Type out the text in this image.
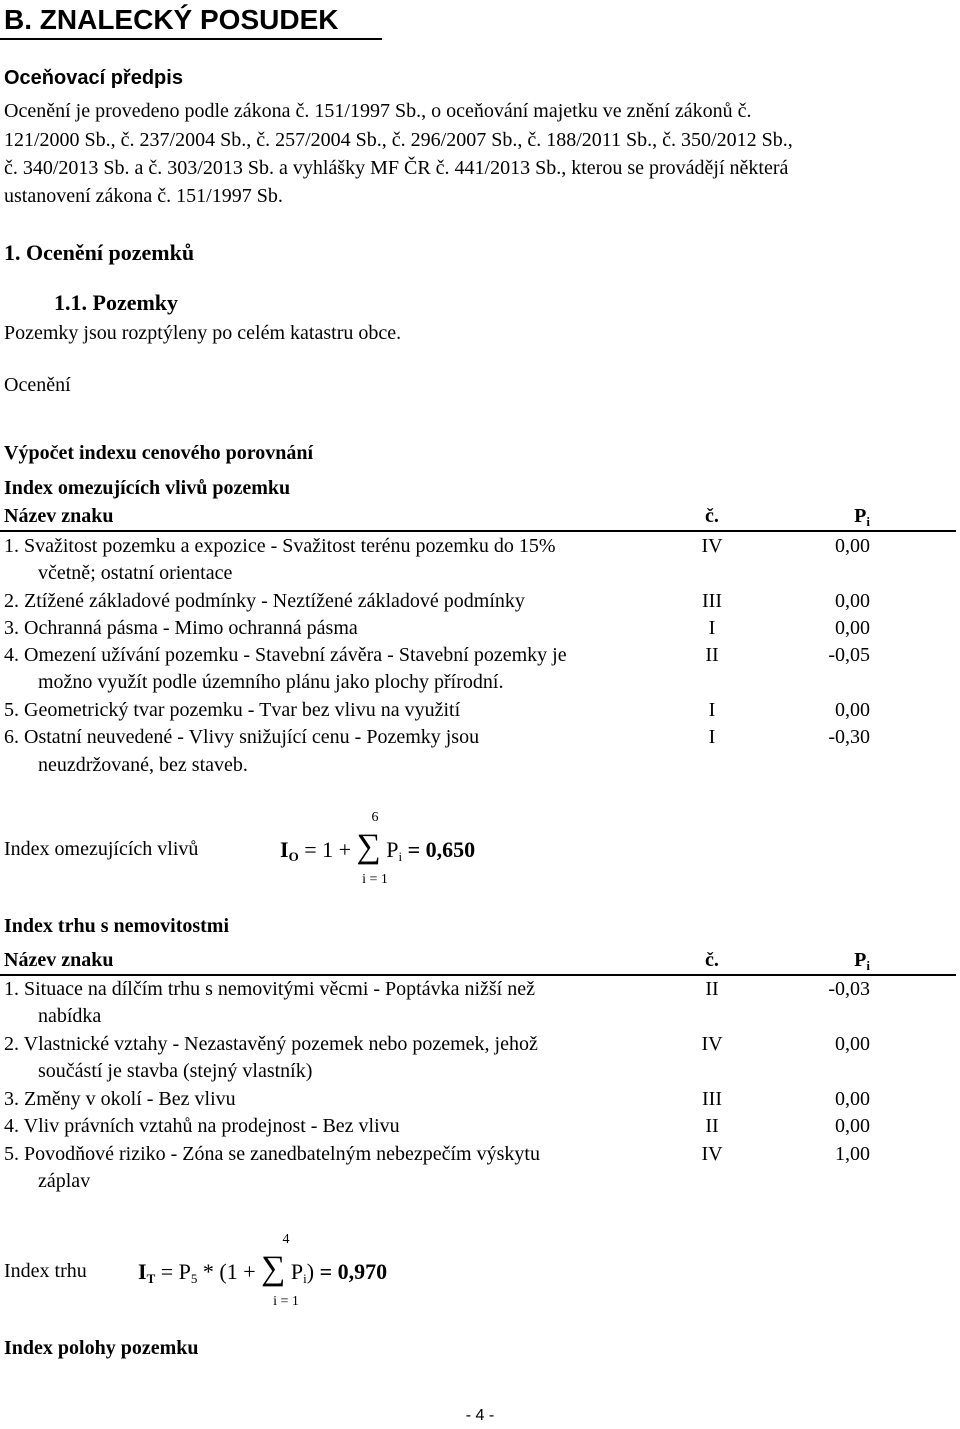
B. ZNALECKÝ POSUDEK
Oceňovací předpis
Ocenění je provedeno podle zákona č. 151/1997 Sb., o oceňování majetku ve znění zákonů č.
121/2000 Sb., č. 237/2004 Sb., č. 257/2004 Sb., č. 296/2007 Sb., č. 188/2011 Sb., č. 350/2012 Sb.,
č. 340/2013 Sb. a č. 303/2013 Sb. a vyhlášky MF ČR č. 441/2013 Sb., kterou se provádějí některá
ustanovení zákona č. 151/1997 Sb.
1. Ocenění pozemků
1.1. Pozemky
Pozemky jsou rozptýleny po celém katastru obce.
Ocenění
Výpočet indexu cenového porovnání
Index omezujících vlivů pozemku
Název znaku	č.	$P_i$
1. Svažitost pozemku a expozice - Svažitost terénu pozemku do 15%
včetně; ostatní orientace
IV	0,00
2. Ztížené základové podmínky - Neztížené základové podmínky	III	0,00
3. Ochranná pásma - Mimo ochranná pásma	I	0,00
4. Omezení užívání pozemku - Stavební závěra - Stavební pozemky je
možno využít podle územního plánu jako plochy přírodní.
II	-0,05
5. Geometrický tvar pozemku - Tvar bez vlivu na využití	I	0,00
6. Ostatní neuvedené - Vlivy snižující cenu - Pozemky jsou
neuzdržované, bez staveb.
I	-0,30
Index omezujících vlivů
6
i = 1
$I_O = 1$ + ∑ $P_i = 0,650$
Index trhu s nemovitostmi
Název znaku	č.	$P_i$
1. Situace na dílčím trhu s nemovitými věcmi - Poptávka nižší než
nabídka
II	-0,03
2. Vlastnické vztahy - Nezastavěný pozemek nebo pozemek, jehož
součástí je stavba (stejný vlastník)
IV	0,00
3. Změny v okolí - Bez vlivu	III	0,00
4. Vliv právních vztahů na prodejnost - Bez vlivu	II	0,00
5. Povodňové riziko - Zóna se zanedbatelným nebezpečím výskytu
záplav
IV	1,00
Index trhu
4
i = 1
$I_T = P_5 * (1$ + ∑ $P_i) = 0,970$
Index polohy pozemku
- 4 -
